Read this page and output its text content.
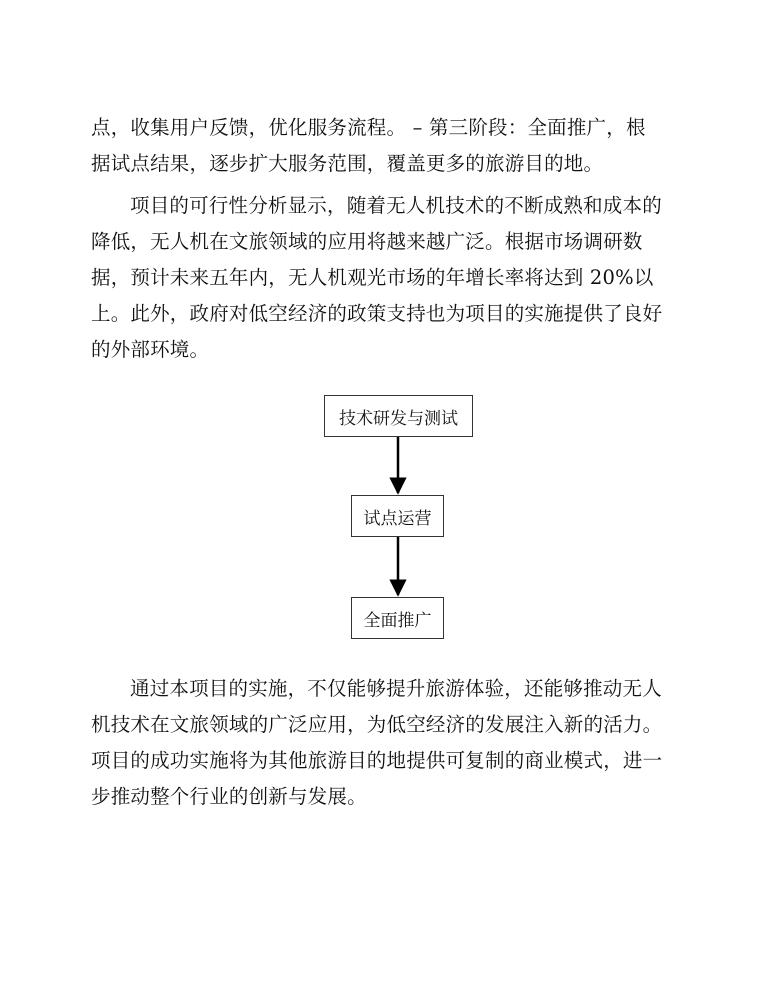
点，收集用户反馈，优化服务流程。 – 第三阶段：全面推广，根
据试点结果，逐步扩大服务范围，覆盖更多的旅游目的地。

项目的可行性分析显示，随着无人机技术的不断成熟和成本的
降低，无人机在文旅领域的应用将越来越广泛。根据市场调研数
据，预计未来五年内，无人机观光市场的年增长率将达到 20%以
上。此外，政府对低空经济的政策支持也为项目的实施提供了良好
的外部环境。

技术研发与测试
试点运营
全面推广

通过本项目的实施，不仅能够提升旅游体验，还能够推动无人
机技术在文旅领域的广泛应用，为低空经济的发展注入新的活力。
项目的成功实施将为其他旅游目的地提供可复制的商业模式，进一
步推动整个行业的创新与发展。
